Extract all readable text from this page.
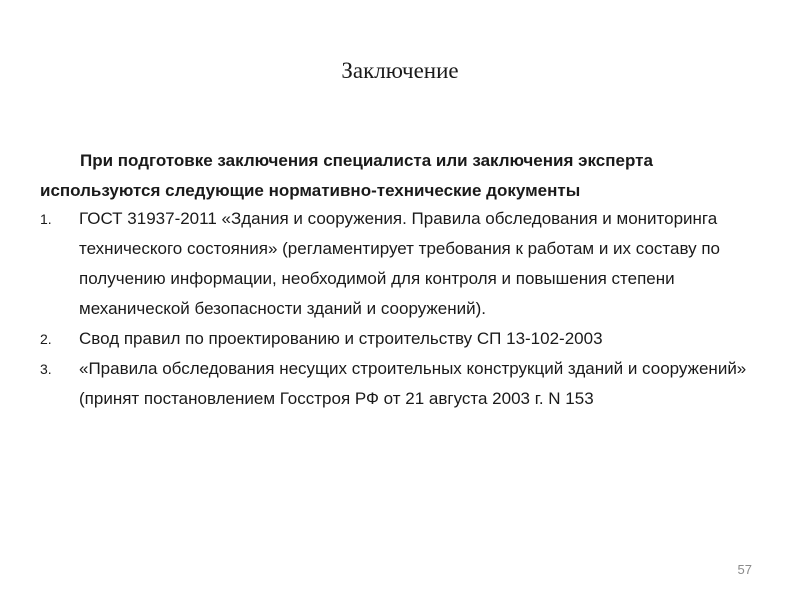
Заключение
При подготовке заключения специалиста или заключения эксперта
используются следующие нормативно-технические документы
1. ГОСТ 31937-2011 «Здания и сооружения. Правила обследования и мониторинга технического состояния» (регламентирует требования к работам и их составу по получению информации, необходимой для контроля и повышения степени механической безопасности зданий и сооружений).
2. Свод правил по проектированию и строительству СП 13-102-2003
3. «Правила обследования несущих строительных конструкций зданий и сооружений» (принят постановлением Госстроя РФ от 21 августа 2003 г. N 153
57
